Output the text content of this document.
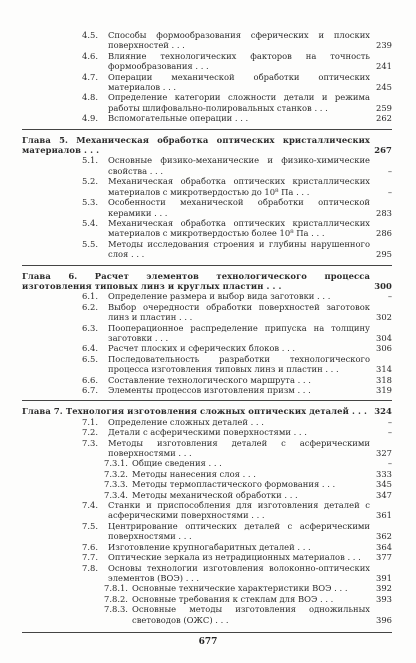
4.5.	Способы формообразования сферических и плоских поверхностей . . .	239
4.6.	Влияние технологических факторов на точность формообразования . . .	241
4.7.	Операции механической обработки оптических материалов . . .	245
4.8.	Определение категории сложности детали и режима работы шлифовально-полировальных станков . . .	259
4.9.	Вспомогательные операции . . .	262
Глава 5. Механическая обработка оптических кристаллических материалов . . .	267
5.1.	Основные физико-механические и физико-химические свойства . . .	–
5.2.	Механическая обработка оптических кристаллических материалов с микротвердостью до 10⁸ Па . . .	–
5.3.	Особенности механической обработки оптической керамики . . .	283
5.4.	Механическая обработка оптических кристаллических материалов с микротвердостью более 10⁸ Па . . .	286
5.5.	Методы исследования строения и глубины нарушенного слоя . . .	295
Глава 6. Расчет элементов технологического процесса изготовления типовых линз и круглых пластин . . .	300
6.1.	Определение размера и выбор вида заготовки . . .	–
6.2.	Выбор очередности обработки поверхностей заготовок линз и пластин . . .	302
6.3.	Пооперационное распределение припуска на толщину заготовки . . .	304
6.4.	Расчет плоских и сферических блоков . . .	306
6.5.	Последовательность разработки технологического процесса изготовления типовых линз и пластин . . .	314
6.6.	Составление технологического маршрута . . .	318
6.7.	Элементы процессов изготовления призм . . .	319
Глава 7. Технология изготовления сложных оптических деталей . . . 324
7.1.	Определение сложных деталей . . .	–
7.2.	Детали с асферическими поверхностями . . .	–
7.3.	Методы изготовления деталей с асферическими поверхностями . . .	327
7.3.1. Общие сведения . . .	–
7.3.2. Методы нанесения слоя . . .	333
7.3.3. Методы термопластического формования . . .	345
7.3.4. Методы механической обработки . . .	347
7.4.	Станки и приспособления для изготовления деталей с асферическими поверхностями . . .	361
7.5.	Центрирование оптических деталей с асферическими поверхностями . . .	362
7.6.	Изготовление крупногабаритных деталей . . .	364
7.7.	Оптические зеркала из нетрадиционных материалов . . .	377
7.8.	Основы технологии изготовления волоконно-оптических элементов (ВОЭ) . . .	391
7.8.1. Основные технические характеристики ВОЭ . . .	392
7.8.2. Основные требования к стеклам для ВОЭ . . .	393
7.8.3. Основные методы изготовления одножильных световодов (ОЖС) . . .	396
677
